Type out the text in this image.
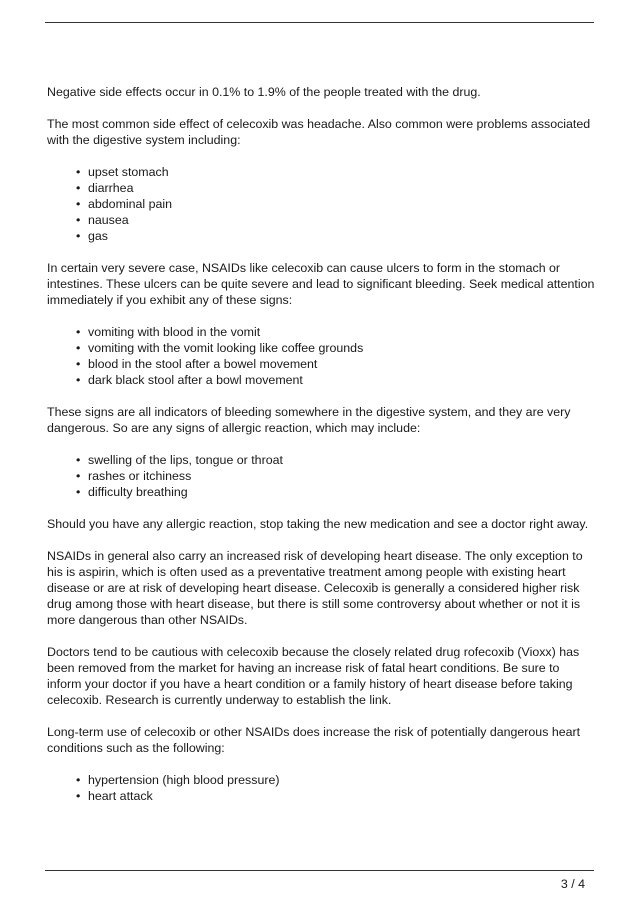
Negative side effects occur in 0.1% to 1.9% of the people treated with the drug.

The most common side effect of celecoxib was headache. Also common were problems associated with the digestive system including:

• upset stomach
• diarrhea
• abdominal pain
• nausea
• gas

In certain very severe case, NSAIDs like celecoxib can cause ulcers to form in the stomach or intestines. These ulcers can be quite severe and lead to significant bleeding. Seek medical attention immediately if you exhibit any of these signs:

• vomiting with blood in the vomit
• vomiting with the vomit looking like coffee grounds
• blood in the stool after a bowel movement
• dark black stool after a bowl movement

These signs are all indicators of bleeding somewhere in the digestive system, and they are very dangerous. So are any signs of allergic reaction, which may include:

• swelling of the lips, tongue or throat
• rashes or itchiness
• difficulty breathing

Should you have any allergic reaction, stop taking the new medication and see a doctor right away.

NSAIDs in general also carry an increased risk of developing heart disease. The only exception to his is aspirin, which is often used as a preventative treatment among people with existing heart disease or are at risk of developing heart disease. Celecoxib is generally a considered higher risk drug among those with heart disease, but there is still some controversy about whether or not it is more dangerous than other NSAIDs.

Doctors tend to be cautious with celecoxib because the closely related drug rofecoxib (Vioxx) has been removed from the market for having an increase risk of fatal heart conditions. Be sure to inform your doctor if you have a heart condition or a family history of heart disease before taking celecoxib. Research is currently underway to establish the link.

Long-term use of celecoxib or other NSAIDs does increase the risk of potentially dangerous heart conditions such as the following:

• hypertension (high blood pressure)
• heart attack
3 / 4
